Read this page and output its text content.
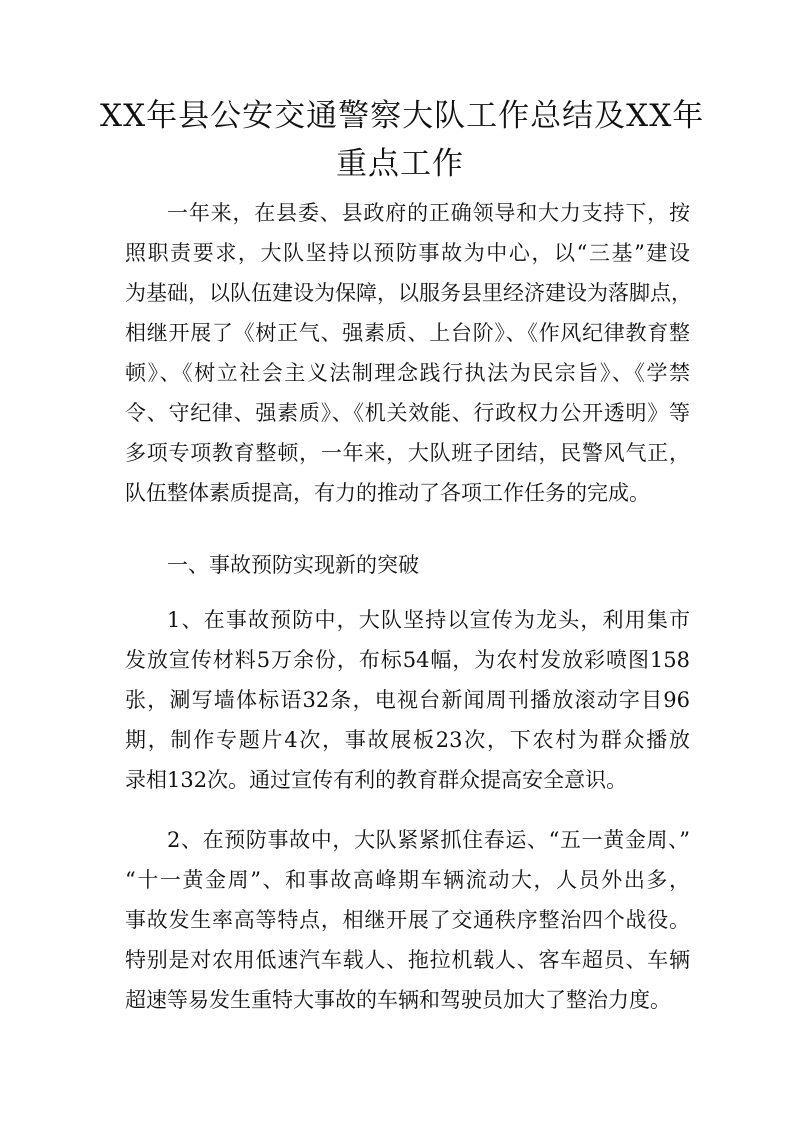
XX年县公安交通警察大队工作总结及XX年
重点工作
一年来，在县委、县政府的正确领导和大力支持下，按
照职责要求，大队坚持以预防事故为中心，以“三基”建设
为基础，以队伍建设为保障，以服务县里经济建设为落脚点，
相继开展了《树正气、强素质、上台阶》、《作风纪律教育整
顿》、《树立社会主义法制理念践行执法为民宗旨》、《学禁
令、守纪律、强素质》、《机关效能、行政权力公开透明》等
多项专项教育整顿，一年来，大队班子团结，民警风气正，
队伍整体素质提高，有力的推动了各项工作任务的完成。

一、事故预防实现新的突破

1、在事故预防中，大队坚持以宣传为龙头，利用集市
发放宣传材料5万余份，布标54幅，为农村发放彩喷图158
张，涮写墙体标语32条，电视台新闻周刊播放滚动字目96
期，制作专题片4次，事故展板23次，下农村为群众播放
录相132次。通过宣传有利的教育群众提高安全意识。
2、在预防事故中，大队紧紧抓住春运、“五一黄金周、”
“十一黄金周”、和事故高峰期车辆流动大，人员外出多，
事故发生率高等特点，相继开展了交通秩序整治四个战役。
特别是对农用低速汽车载人、拖拉机载人、客车超员、车辆
超速等易发生重特大事故的车辆和驾驶员加大了整治力度。
